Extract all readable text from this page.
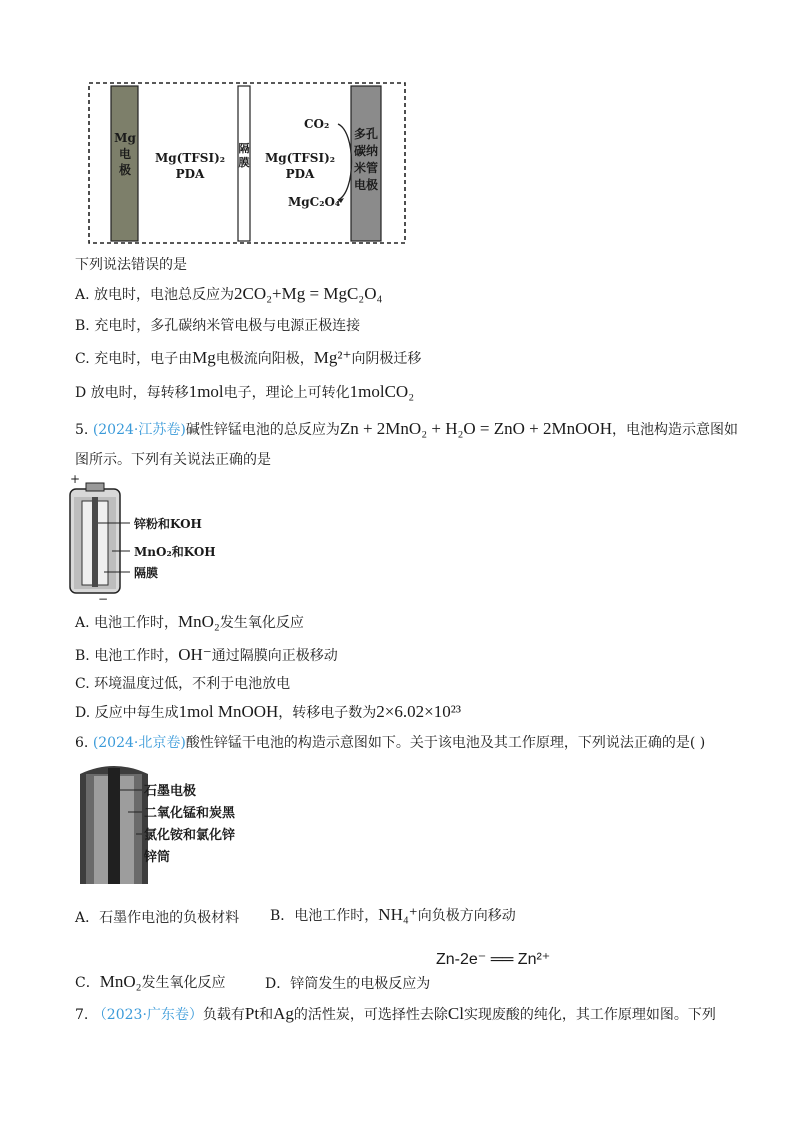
Mg
电
极
Mg(TFSI)₂
PDA
隔
膜	Mg(TFSI)₂
PDA
CO₂
MgC₂O₄
多孔
碳纳
米管
电极
下列说法错误的是
A. 放电时，电池总反应为2CO₂+Mg = MgC₂O₄
B. 充电时，多孔碳纳米管电极与电源正极连接
C. 充电时，电子由Mg电极流向阳极，Mg²⁺向阴极迁移
D 放电时，每转移1mol电子，理论上可转化1molCO₂
5. (2024·江苏卷)碱性锌锰电池的总反应为Zn + 2MnO₂ + H₂O = ZnO + 2MnOOH，电池构造示意图如
图所示。下列有关说法正确的是
+
锌粉和KOH
MnO₂和KOH
隔膜
−
A. 电池工作时，MnO₂发生氧化反应
B. 电池工作时，OH⁻通过隔膜向正极移动
C. 环境温度过低，不利于电池放电
D. 反应中每生成1mol MnOOH，转移电子数为2×6.02×10²³
6. (2024·北京卷)酸性锌锰干电池的构造示意图如下。关于该电池及其工作原理，下列说法正确的是( )
石墨电极
二氧化锰和炭黑
氯化铵和氯化锌
锌筒
A．石墨作电池的负极材料 B．电池工作时，NH₄⁺向负极方向移动
Zn-2e⁻ ══ Zn²⁺
C．MnO₂发生氧化反应	D．锌筒发生的电极反应为
7. （2023·广东卷）负载有Pt和Ag的活性炭，可选择性去除Cl实现废酸的纯化，其工作原理如图。下列
